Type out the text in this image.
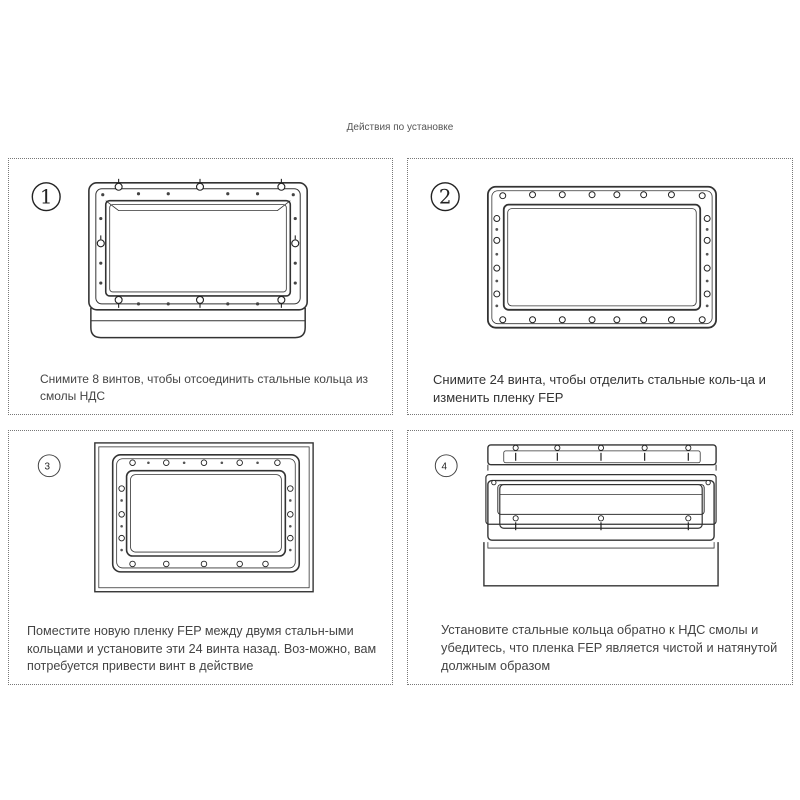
Действия по установке
1
Снимите 8 винтов, чтобы отсоединить стальные кольца из смолы НДС
2
Снимите 24 винта, чтобы отделить стальные коль-ца и изменить пленку FEP
3
Поместите новую пленку FEP между двумя стальн-ыми кольцами и установите эти 24 винта назад. Воз-можно, вам потребуется привести винт в действие
4
Установите стальные кольца обратно к НДС смолы и убедитесь, что пленка FEP является чистой и натянутой должным образом
